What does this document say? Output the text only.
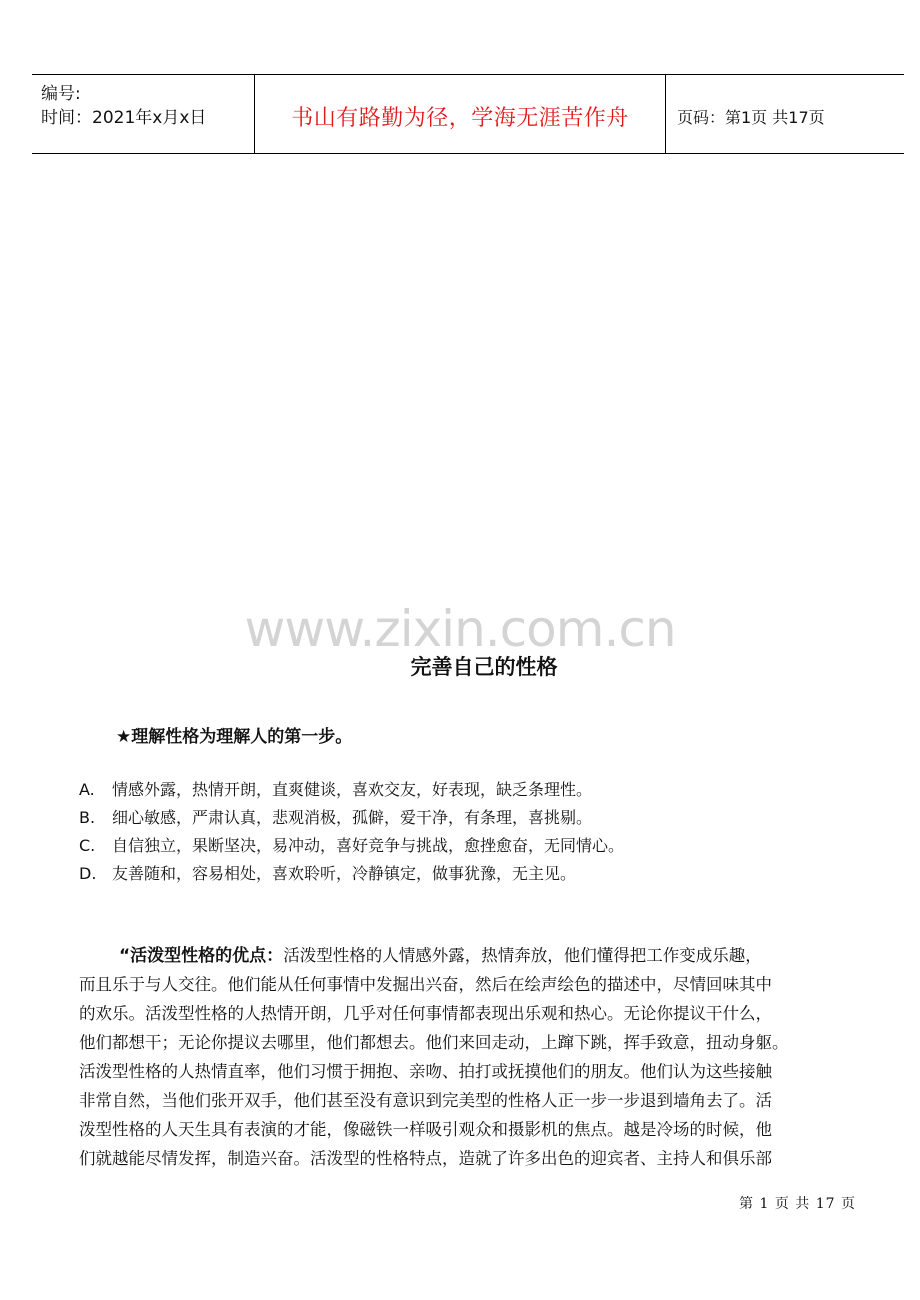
编号:
时间：2021年x月x日	书山有路勤为径，学海无涯苦作舟	页码：第1页 共17页
www.zixin.com.cn
完善自己的性格
★理解性格为理解人的第一步。
A. 情感外露，热情开朗，直爽健谈，喜欢交友，好表现，缺乏条理性。
B. 细心敏感，严肃认真，悲观消极，孤僻，爱干净，有条理，喜挑剔。
C. 自信独立，果断坚决，易冲动，喜好竞争与挑战，愈挫愈奋，无同情心。
D. 友善随和，容易相处，喜欢聆听，冷静镇定，做事犹豫，无主见。
“活泼型性格的优点：活泼型性格的人情感外露，热情奔放，他们懂得把工作变成乐趣，
而且乐于与人交往。他们能从任何事情中发掘出兴奋，然后在绘声绘色的描述中，尽情回味其中
的欢乐。活泼型性格的人热情开朗，几乎对任何事情都表现出乐观和热心。无论你提议干什么，
他们都想干；无论你提议去哪里，他们都想去。他们来回走动，上蹿下跳，挥手致意，扭动身躯。
活泼型性格的人热情直率，他们习惯于拥抱、亲吻、拍打或抚摸他们的朋友。他们认为这些接触
非常自然，当他们张开双手，他们甚至没有意识到完美型的性格人正一步一步退到墙角去了。活
泼型性格的人天生具有表演的才能，像磁铁一样吸引观众和摄影机的焦点。越是冷场的时候，他
们就越能尽情发挥，制造兴奋。活泼型的性格特点，造就了许多出色的迎宾者、主持人和俱乐部
第 1 页 共 17 页
